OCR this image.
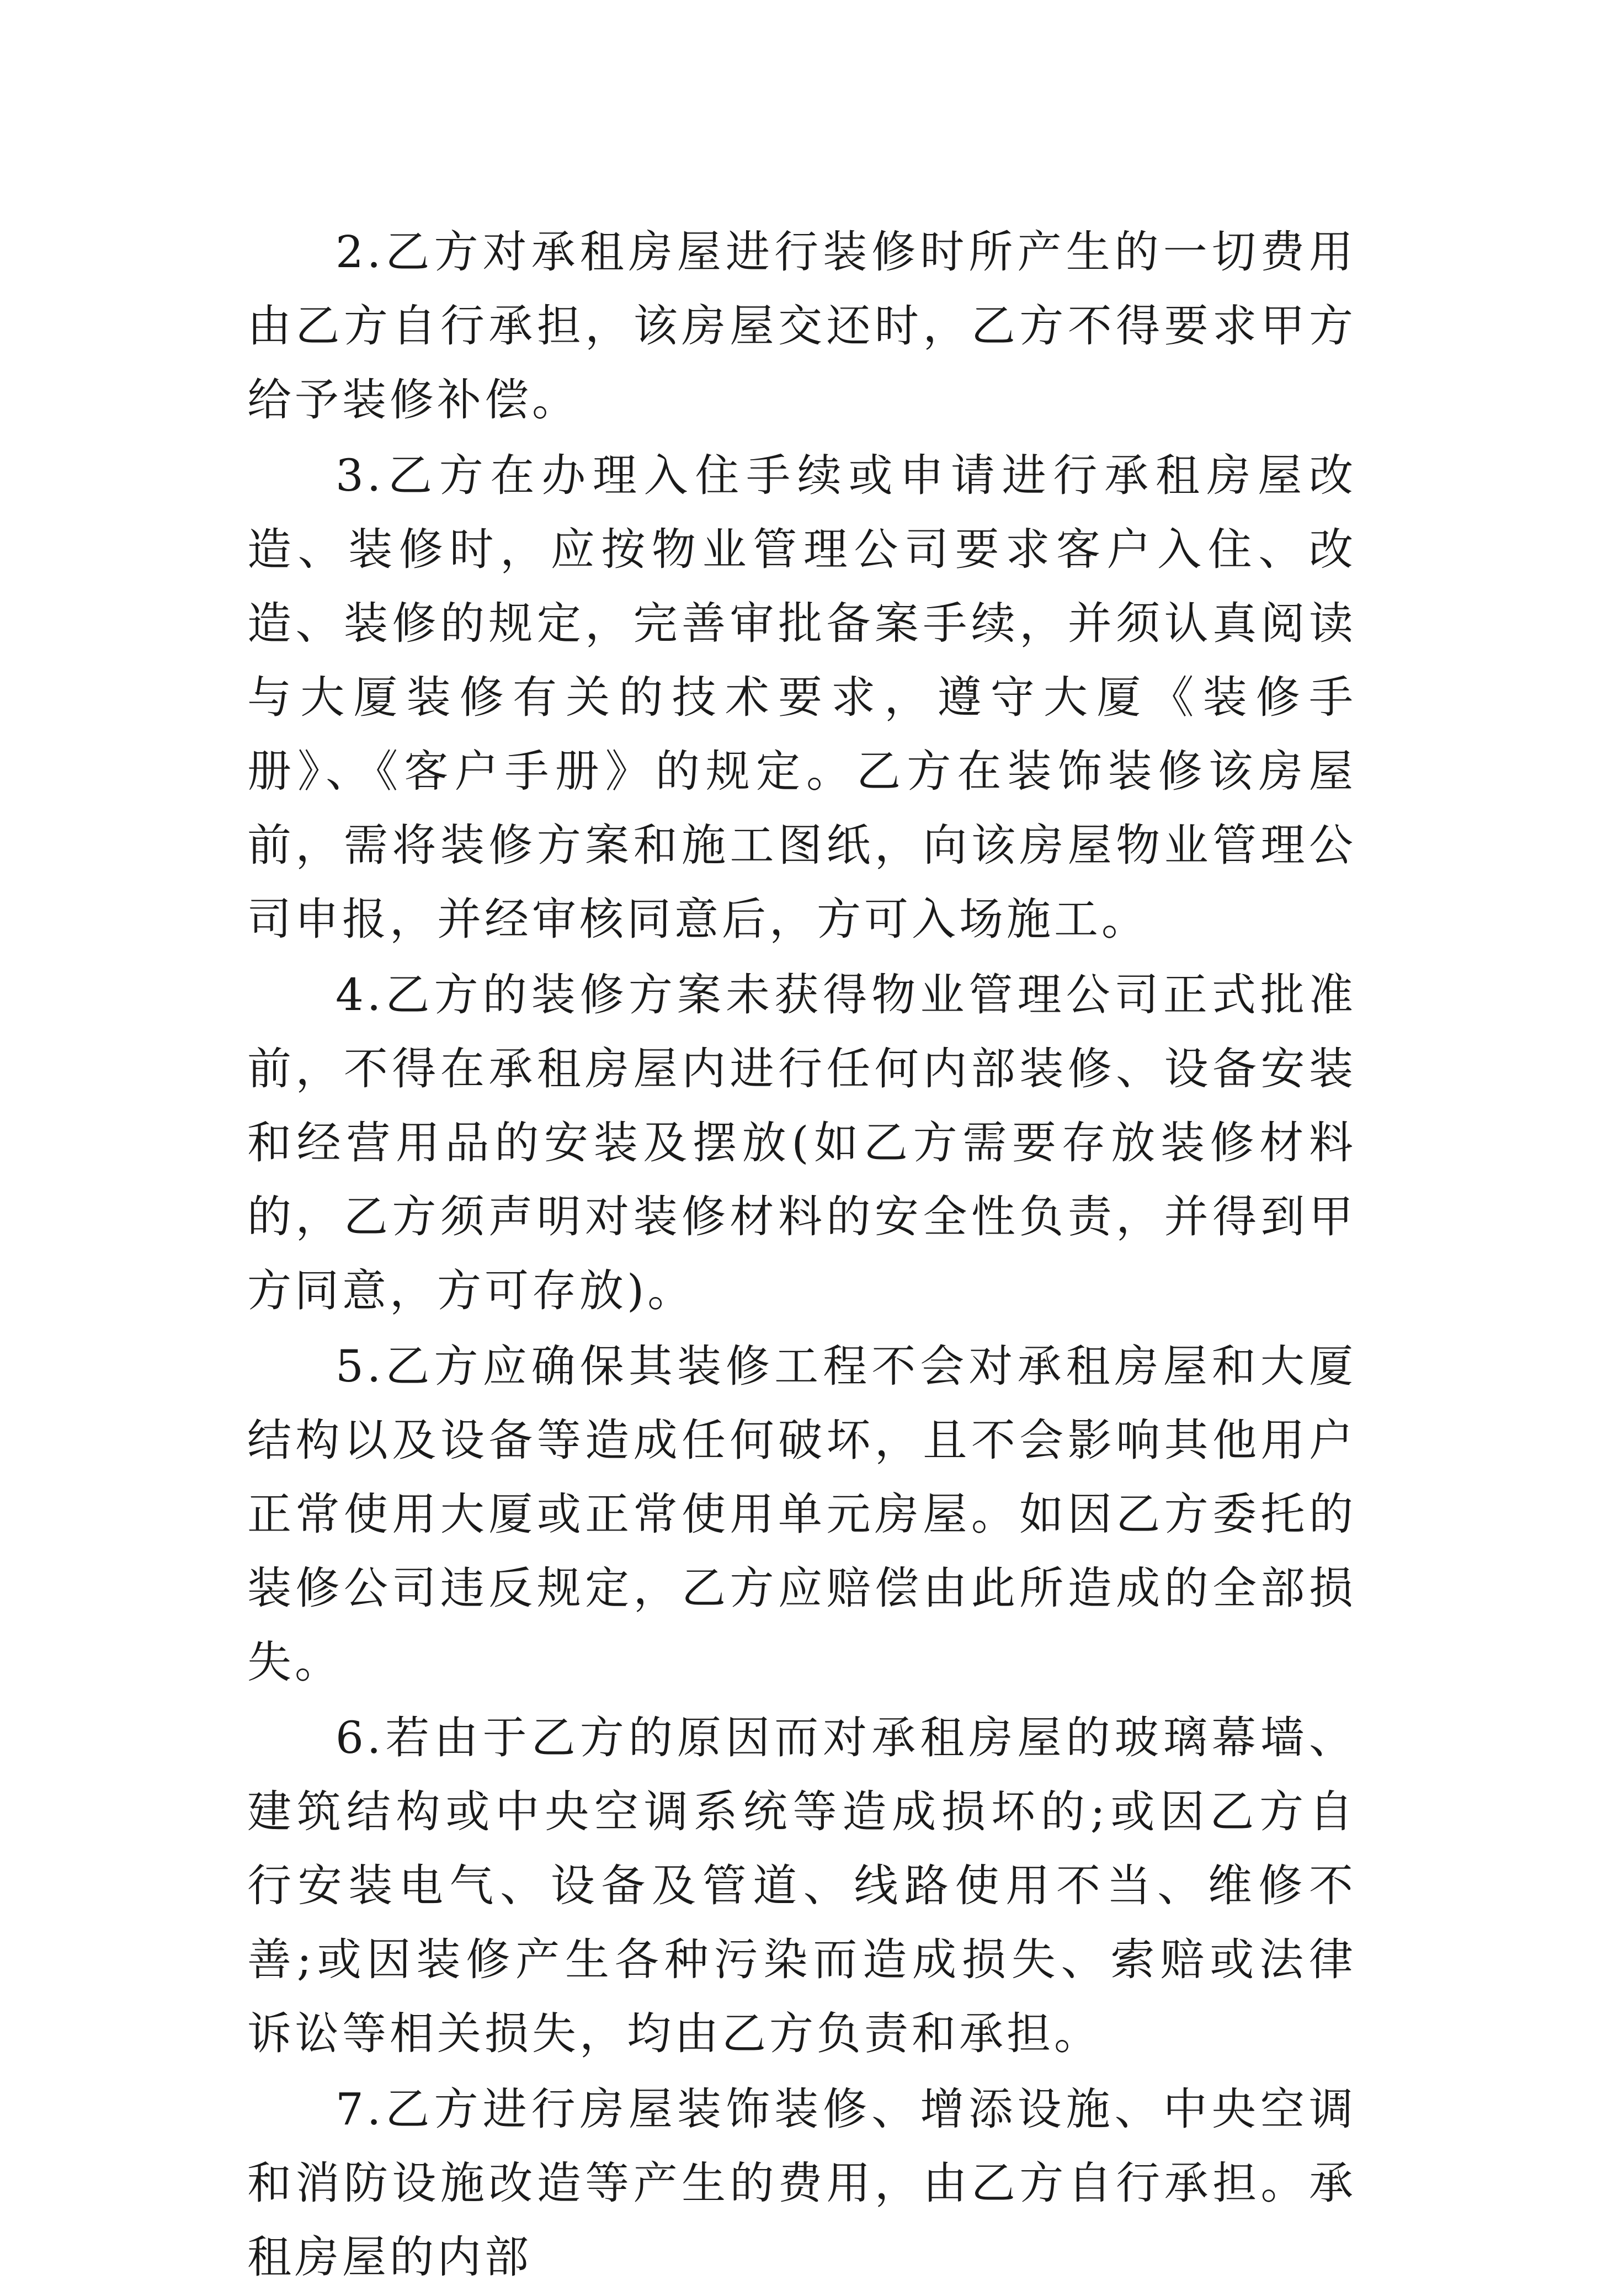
2.乙方对承租房屋进行装修时所产生的一切费用由乙方自行承担，该房屋交还时，乙方不得要求甲方给予装修补偿。

3.乙方在办理入住手续或申请进行承租房屋改造、装修时，应按物业管理公司要求客户入住、改造、装修的规定，完善审批备案手续，并须认真阅读与大厦装修有关的技术要求，遵守大厦《装修手册》、《客户手册》的规定。乙方在装饰装修该房屋前，需将装修方案和施工图纸，向该房屋物业管理公司申报，并经审核同意后，方可入场施工。

4.乙方的装修方案未获得物业管理公司正式批准前，不得在承租房屋内进行任何内部装修、设备安装和经营用品的安装及摆放(如乙方需要存放装修材料的，乙方须声明对装修材料的安全性负责，并得到甲方同意，方可存放)。

5.乙方应确保其装修工程不会对承租房屋和大厦结构以及设备等造成任何破坏，且不会影响其他用户正常使用大厦或正常使用单元房屋。如因乙方委托的装修公司违反规定，乙方应赔偿由此所造成的全部损失。

6.若由于乙方的原因而对承租房屋的玻璃幕墙、建筑结构或中央空调系统等造成损坏的;或因乙方自行安装电气、设备及管道、线路使用不当、维修不善;或因装修产生各种污染而造成损失、索赔或法律诉讼等相关损失，均由乙方负责和承担。

7.乙方进行房屋装饰装修、增添设施、中央空调和消防设施改造等产生的费用，由乙方自行承担。承租房屋的内部
